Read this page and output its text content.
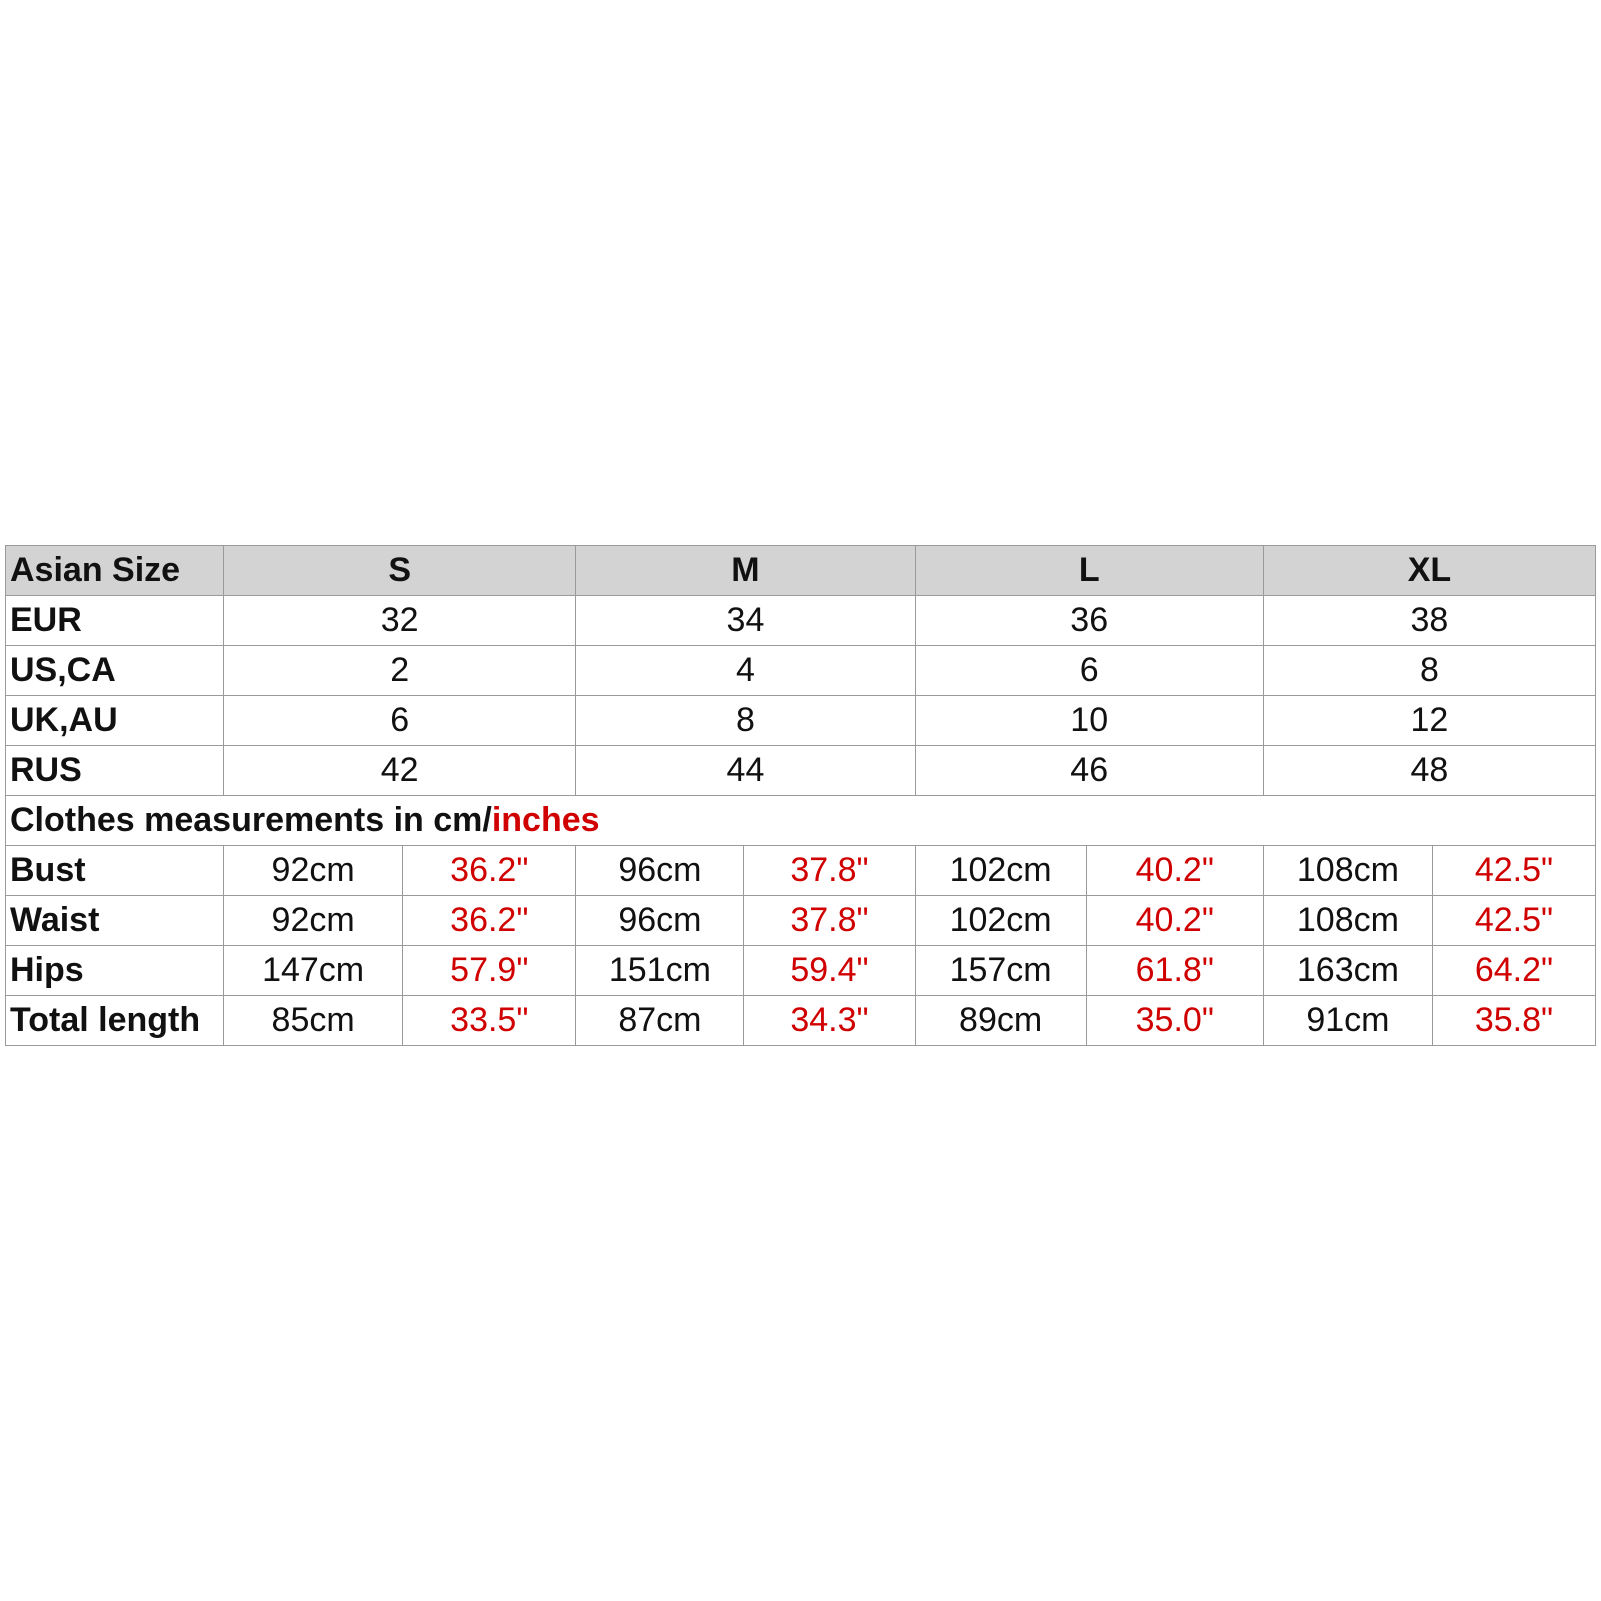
Asian Size	S		M		L		XL	
EUR	32		34		36		38	
US,CA	2		4		6		8	
UK,AU	6		8		10		12	
RUS	42		44		46		48	
Clothes measurements in cm/inches								
Bust	92cm	36.2"	96cm	37.8"	102cm	40.2"	108cm	42.5"
Waist	92cm	36.2"	96cm	37.8"	102cm	40.2"	108cm	42.5"
Hips	147cm	57.9"	151cm	59.4"	157cm	61.8"	163cm	64.2"
Total length	85cm	33.5"	87cm	34.3"	89cm	35.0"	91cm	35.8"
